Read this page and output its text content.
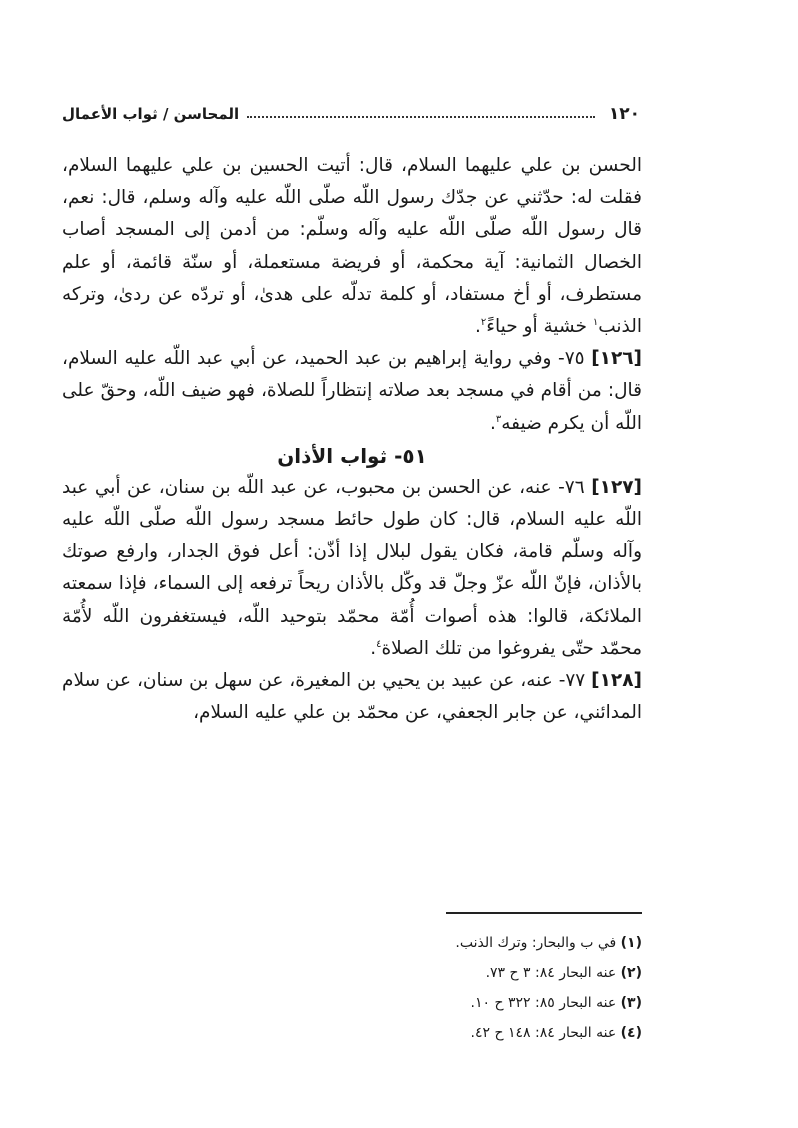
١٢٠
المحاسن / ثواب الأعمال

الحسن بن علي عليهما السلام، قال: أتيت الحسين بن علي عليهما السلام، فقلت له: حدّثني عن جدّك رسول اللّه صلّى اللّه عليه وآله وسلم، قال: نعم، قال رسول اللّه صلّى اللّه عليه وآله وسلّم: من أدمن إلى المسجد أصاب الخصال الثمانية: آية محكمة، أو فريضة مستعملة، أو سنّة قائمة، أو علم مستطرف، أو أخ مستفاد، أو كلمة تدلّه على هدىٰ، أو تردّه عن ردىٰ، وتركه الذنب$^١$ خشية أو حياءً$^٢$.

[١٢٦] ٧٥- وفي رواية إبراهيم بن عبد الحميد، عن أبي عبد اللّه عليه السلام، قال: من أقام في مسجد بعد صلاته إنتظاراً للصلاة، فهو ضيف اللّه، وحقّ على اللّه أن يكرم ضيفه$^٣$.

٥١- ثواب الأذان

[١٢٧] ٧٦- عنه، عن الحسن بن محبوب، عن عبد اللّه بن سنان، عن أبي عبد اللّه عليه السلام، قال: كان طول حائط مسجد رسول اللّه صلّى اللّه عليه وآله وسلّم قامة، فكان يقول لبلال إذا أذّن: أعل فوق الجدار، وارفع صوتك بالأذان، فإنّ اللّه عزّ وجلّ قد وكّل بالأذان ريحاً ترفعه إلى السماء، فإذا سمعته الملائكة، قالوا: هذه أصوات أُمّة محمّد بتوحيد اللّه، فيستغفرون اللّه لأُمّة محمّد حتّى يفروغوا من تلك الصلاة$^٤$.

[١٢٨] ٧٧- عنه، عن عبيد بن يحيي بن المغيرة، عن سهل بن سنان، عن سلام المدائني، عن جابر الجعفي، عن محمّد بن علي عليه السلام،

(١) في ب والبحار: وترك الذنب.
(٢) عنه البحار ٨٤: ٣ ح ٧٣.
(٣) عنه البحار ٨٥: ٣٢٢ ح ١٠.
(٤) عنه البحار ٨٤: ١٤٨ ح ٤٢.
